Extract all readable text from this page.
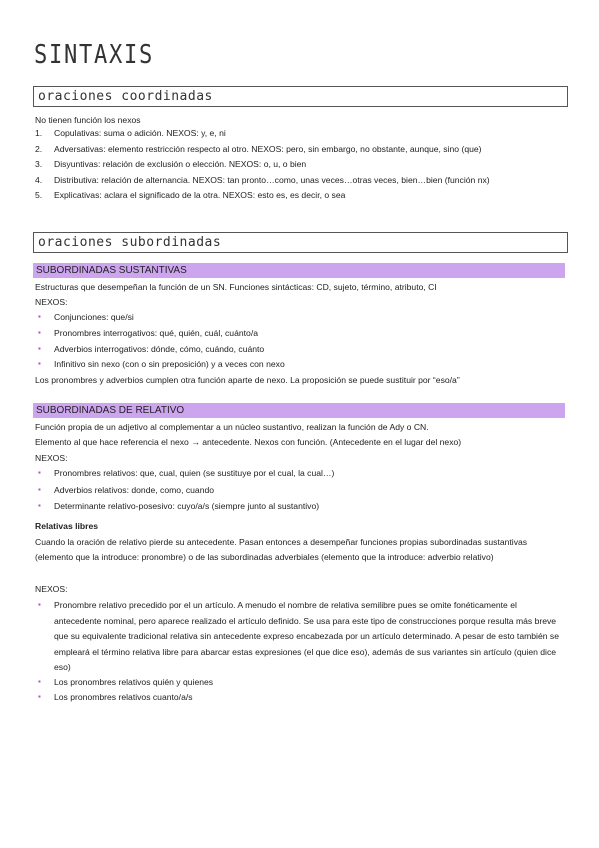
SINTAXIS
oraciones coordinadas
No tienen función los nexos
1. Copulativas: suma o adición. NEXOS: y, e, ni
2. Adversativas: elemento restricción respecto al otro. NEXOS: pero, sin embargo, no obstante, aunque, sino (que)
3. Disyuntivas: relación de exclusión o elección. NEXOS: o, u, o bien
4. Distributiva: relación de alternancia. NEXOS: tan pronto…como, unas veces…otras veces, bien…bien (función nx)
5. Explicativas: aclara el significado de la otra. NEXOS: esto es, es decir, o sea
oraciones subordinadas
SUBORDINADAS SUSTANTIVAS
Estructuras que desempeñan la función de un SN. Funciones sintácticas: CD, sujeto, término, atributo, CI
NEXOS:
▪ Conjunciones: que/si
▪ Pronombres interrogativos: qué, quién, cuál, cuánto/a
▪ Adverbios interrogativos: dónde, cómo, cuándo, cuánto
▪ Infinitivo sin nexo (con o sin preposición) y a veces con nexo
Los pronombres y adverbios cumplen otra función aparte de nexo. La proposición se puede sustituir por “eso/a”
SUBORDINADAS DE RELATIVO
Función propia de un adjetivo al complementar a un núcleo sustantivo, realizan la función de Ady o CN.
Elemento al que hace referencia el nexo → antecedente. Nexos con función. (Antecedente en el lugar del nexo)
NEXOS:
▪ Pronombres relativos: que, cual, quien (se sustituye por el cual, la cual…)
▪ Adverbios relativos: donde, como, cuando
▪ Determinante relativo-posesivo: cuyo/a/s (siempre junto al sustantivo)
Relativas libres
Cuando la oración de relativo pierde su antecedente. Pasan entonces a desempeñar funciones propias subordinadas sustantivas (elemento que la introduce: pronombre) o de las subordinadas adverbiales (elemento que la introduce: adverbio relativo)
NEXOS:
▪ Pronombre relativo precedido por el un artículo. A menudo el nombre de relativa semilibre pues se omite fonéticamente el antecedente nominal, pero aparece realizado el artículo definido. Se usa para este tipo de construcciones porque resulta más breve que su equivalente tradicional relativa sin antecedente expreso encabezada por un artículo determinado. A pesar de esto también se empleará el término relativa libre para abarcar estas expresiones (el que dice eso), además de sus variantes sin artículo (quien dice eso)
▪ Los pronombres relativos quién y quienes
▪ Los pronombres relativos cuanto/a/s
